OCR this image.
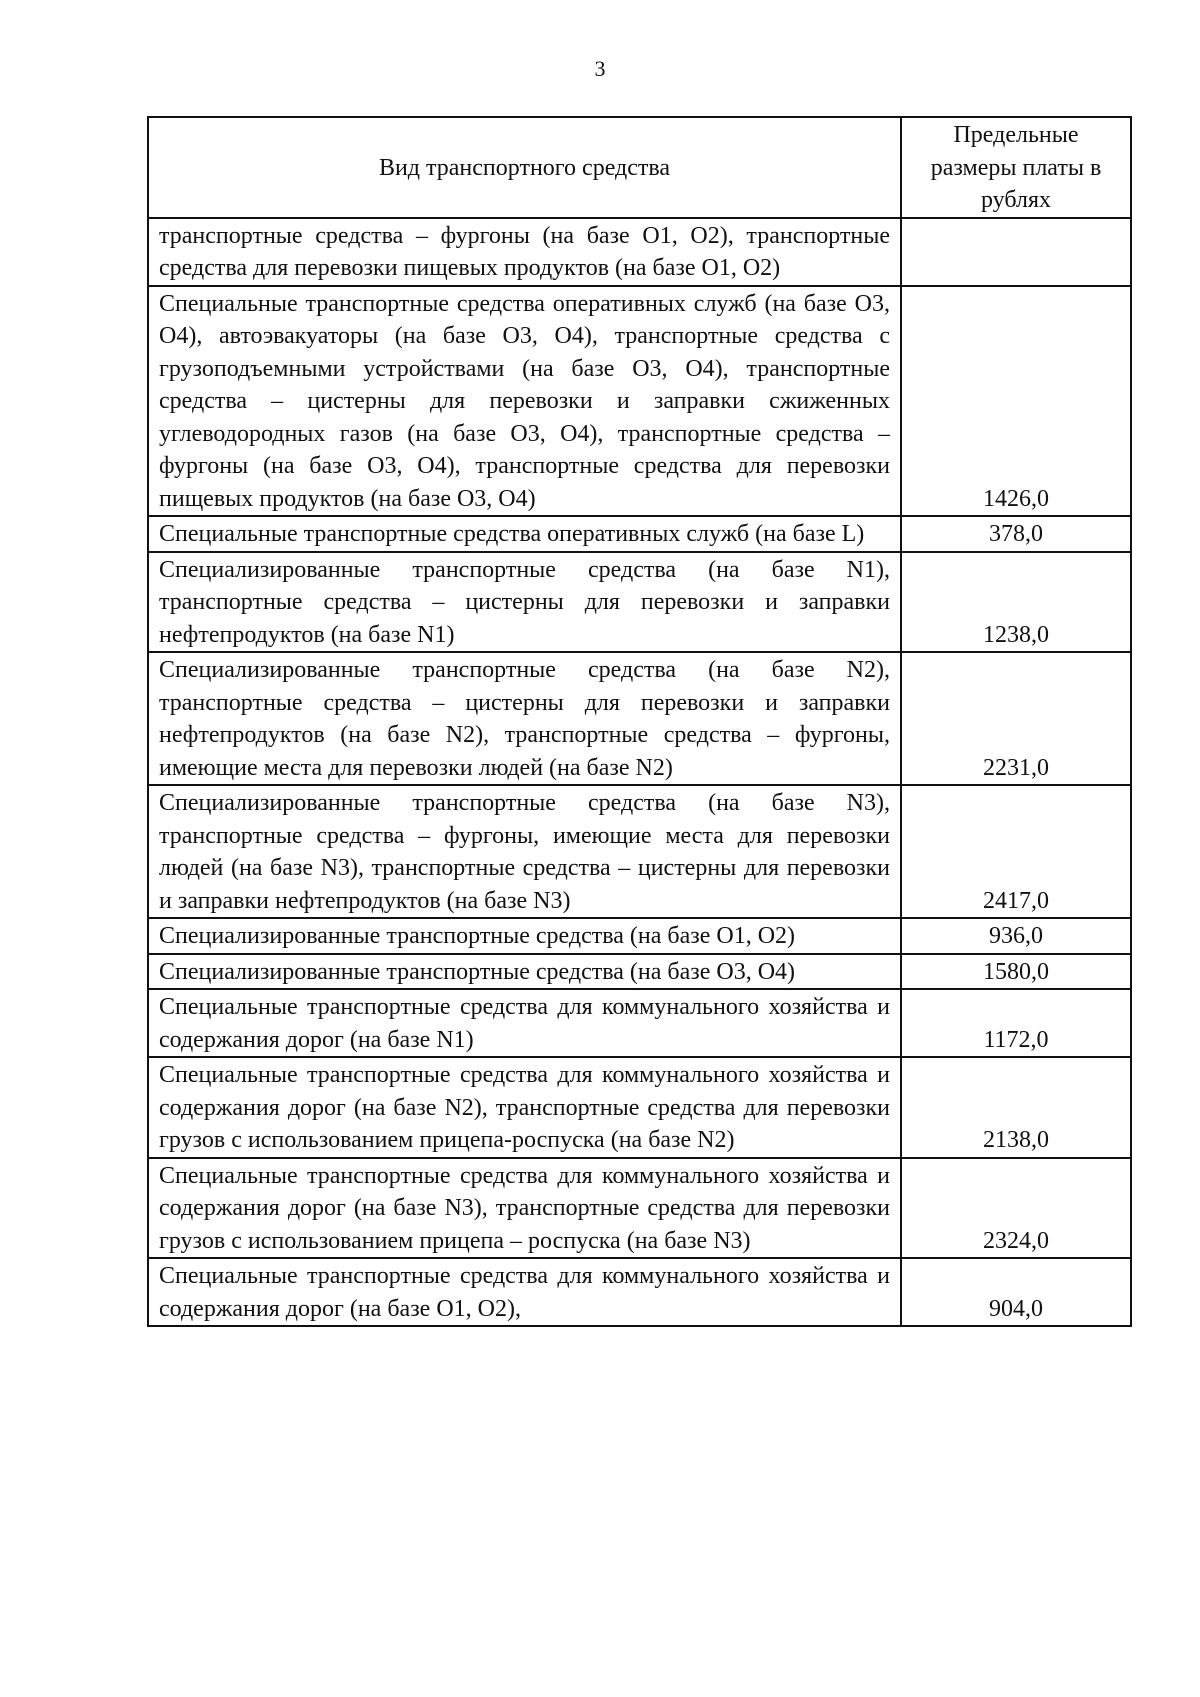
3
Вид транспортного средства	Предельные размеры платы в рублях
транспортные средства – фургоны (на базе O1, O2), транспортные средства для перевозки пищевых продуктов (на базе O1, O2)	
Специальные транспортные средства оперативных служб (на базе O3, O4), автоэвакуаторы (на базе O3, O4), транспортные средства с грузоподъемными устройствами (на базе O3, O4), транспортные средства – цистерны для перевозки и заправки сжиженных углеводородных газов (на базе O3, O4), транспортные средства – фургоны (на базе O3, O4), транспортные средства для перевозки пищевых продуктов (на базе O3, O4)	1426,0
Специальные транспортные средства оперативных служб (на базе L)	378,0
Специализированные транспортные средства (на базе N1), транспортные средства – цистерны для перевозки и заправки нефтепродуктов (на базе N1)	1238,0
Специализированные транспортные средства (на базе N2), транспортные средства – цистерны для перевозки и заправки нефтепродуктов (на базе N2), транспортные средства – фургоны, имеющие места для перевозки людей (на базе N2)	2231,0
Специализированные транспортные средства (на базе N3), транспортные средства – фургоны, имеющие места для перевозки людей (на базе N3), транспортные средства – цистерны для перевозки и заправки нефтепродуктов (на базе N3)	2417,0
Специализированные транспортные средства (на базе O1, O2)	936,0
Специализированные транспортные средства (на базе O3, O4)	1580,0
Специальные транспортные средства для коммунального хозяйства и содержания дорог (на базе N1)	1172,0
Специальные транспортные средства для коммунального хозяйства и содержания дорог (на базе N2), транспортные средства для перевозки грузов с использованием прицепа-роспуска (на базе N2)	2138,0
Специальные транспортные средства для коммунального хозяйства и содержания дорог (на базе N3), транспортные средства для перевозки грузов с использованием прицепа – роспуска (на базе N3)	2324,0
Специальные транспортные средства для коммунального хозяйства и содержания дорог (на базе O1, O2),	904,0
